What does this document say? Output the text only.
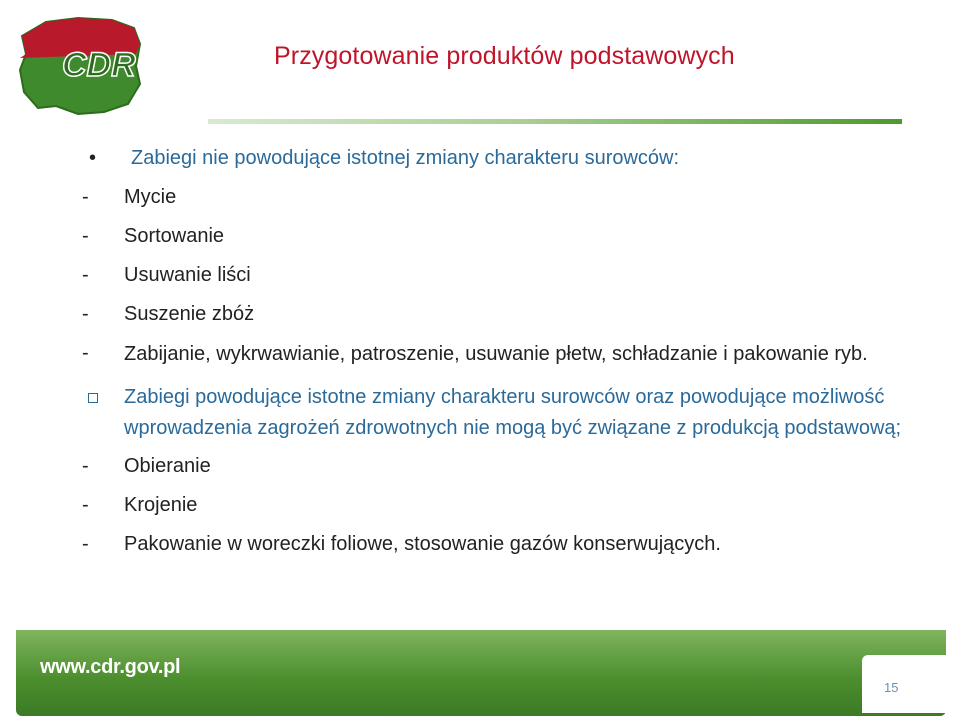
CDR	Przygotowanie produktów podstawowych
•	Zabiegi nie powodujące istotnej zmiany charakteru surowców:
-	Mycie
-	Sortowanie
-	Usuwanie liści
-	Suszenie zbóż
-	Zabijanie, wykrwawianie, patroszenie, usuwanie płetw, schładzanie i pakowanie ryb.
Zabiegi powodujące istotne zmiany charakteru surowców oraz powodujące możliwość wprowadzenia zagrożeń zdrowotnych nie mogą być związane z produkcją podstawową;
-	Obieranie
-	Krojenie
-	Pakowanie w woreczki foliowe, stosowanie gazów konserwujących.
www.cdr.gov.pl
15
